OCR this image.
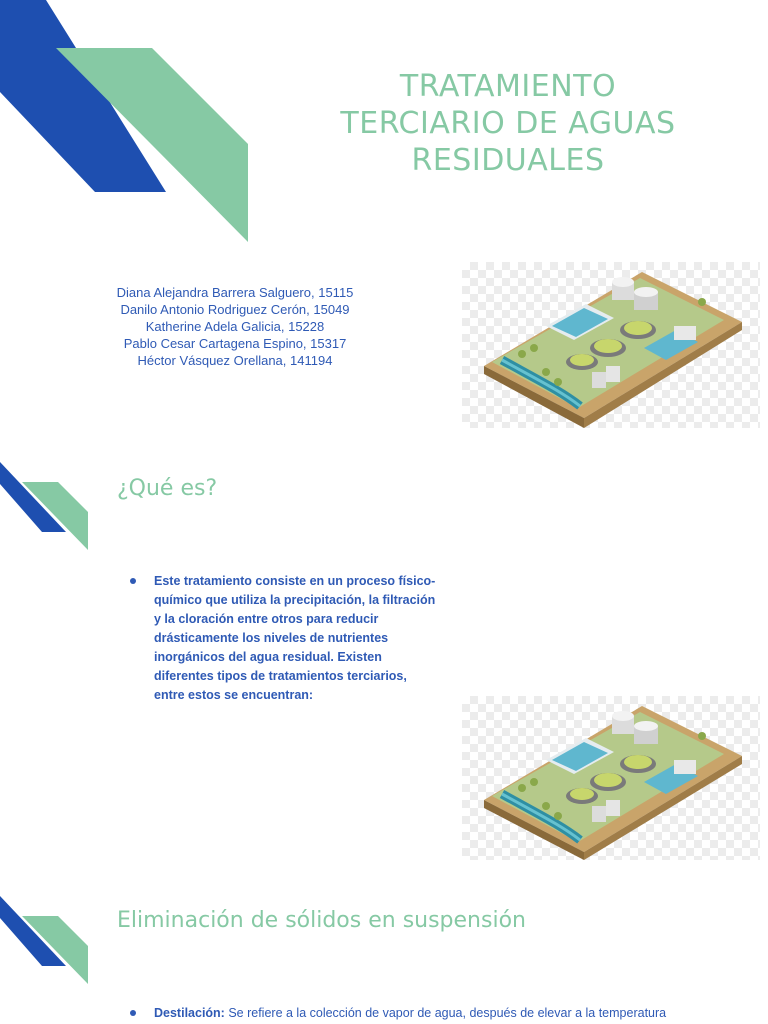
TRATAMIENTO
TERCIARIO DE AGUAS
RESIDUALES
Diana Alejandra Barrera Salguero, 15115
Danilo Antonio Rodriguez Cerón, 15049
Katherine Adela Galicia, 15228
Pablo Cesar Cartagena Espino, 15317
Héctor Vásquez Orellana, 141194
¿Qué es?
Este tratamiento consiste en un proceso físico-químico que utiliza la precipitación, la filtración y la cloración entre otros para reducir drásticamente los niveles de nutrientes inorgánicos del agua residual. Existen diferentes tipos de tratamientos terciarios, entre estos se encuentran:
Eliminación de sólidos en suspensión
Destilación: Se refiere a la colección de vapor de agua, después de elevar a la temperatura
